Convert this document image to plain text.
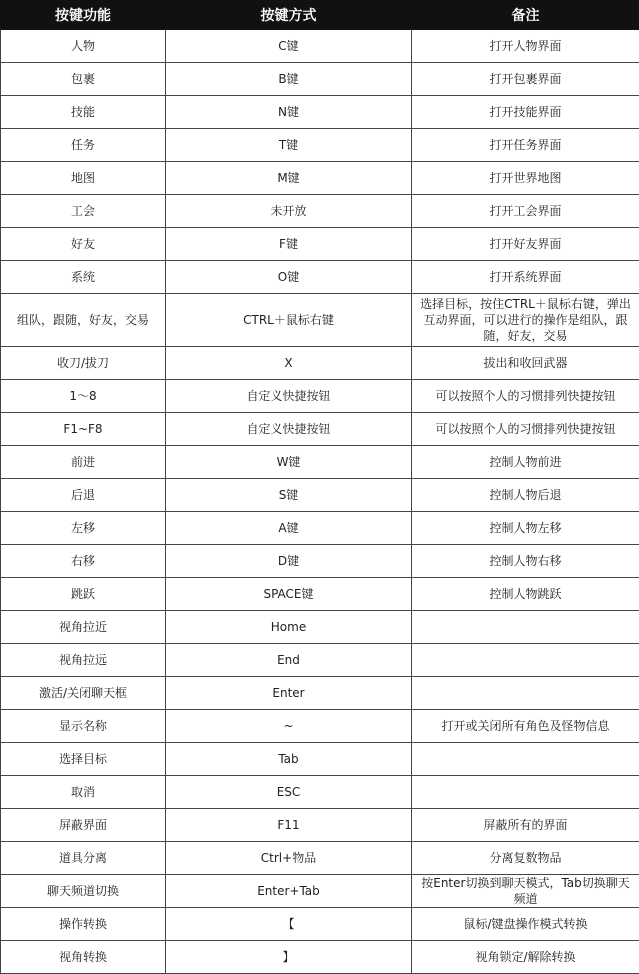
按键功能	按键方式	备注
人物	C键	打开人物界面
包裹	B键	打开包裹界面
技能	N键	打开技能界面
任务	T键	打开任务界面
地图	M键	打开世界地图
工会	未开放	打开工会界面
好友	F键	打开好友界面
系统	O键	打开系统界面
组队，跟随，好友，交易	CTRL＋鼠标右键	选择目标，按住CTRL＋鼠标右键，弹出互动界面，可以进行的操作是组队，跟随，好友，交易
收刀/拔刀	X	拔出和收回武器
1～8	自定义快捷按钮	可以按照个人的习惯排列快捷按钮
F1~F8	自定义快捷按钮	可以按照个人的习惯排列快捷按钮
前进	W键	控制人物前进
后退	S键	控制人物后退
左移	A键	控制人物左移
右移	D键	控制人物右移
跳跃	SPACE键	控制人物跳跃
视角拉近	Home	
视角拉远	End	
激活/关闭聊天框	Enter	
显示名称	~	打开或关闭所有角色及怪物信息
选择目标	Tab	
取消	ESC	
屏蔽界面	F11	屏蔽所有的界面
道具分离	Ctrl+物品	分离复数物品
聊天频道切换	Enter+Tab	按Enter切换到聊天模式，Tab切换聊天频道
操作转换	【	鼠标/键盘操作模式转换
视角转换	】	视角锁定/解除转换
